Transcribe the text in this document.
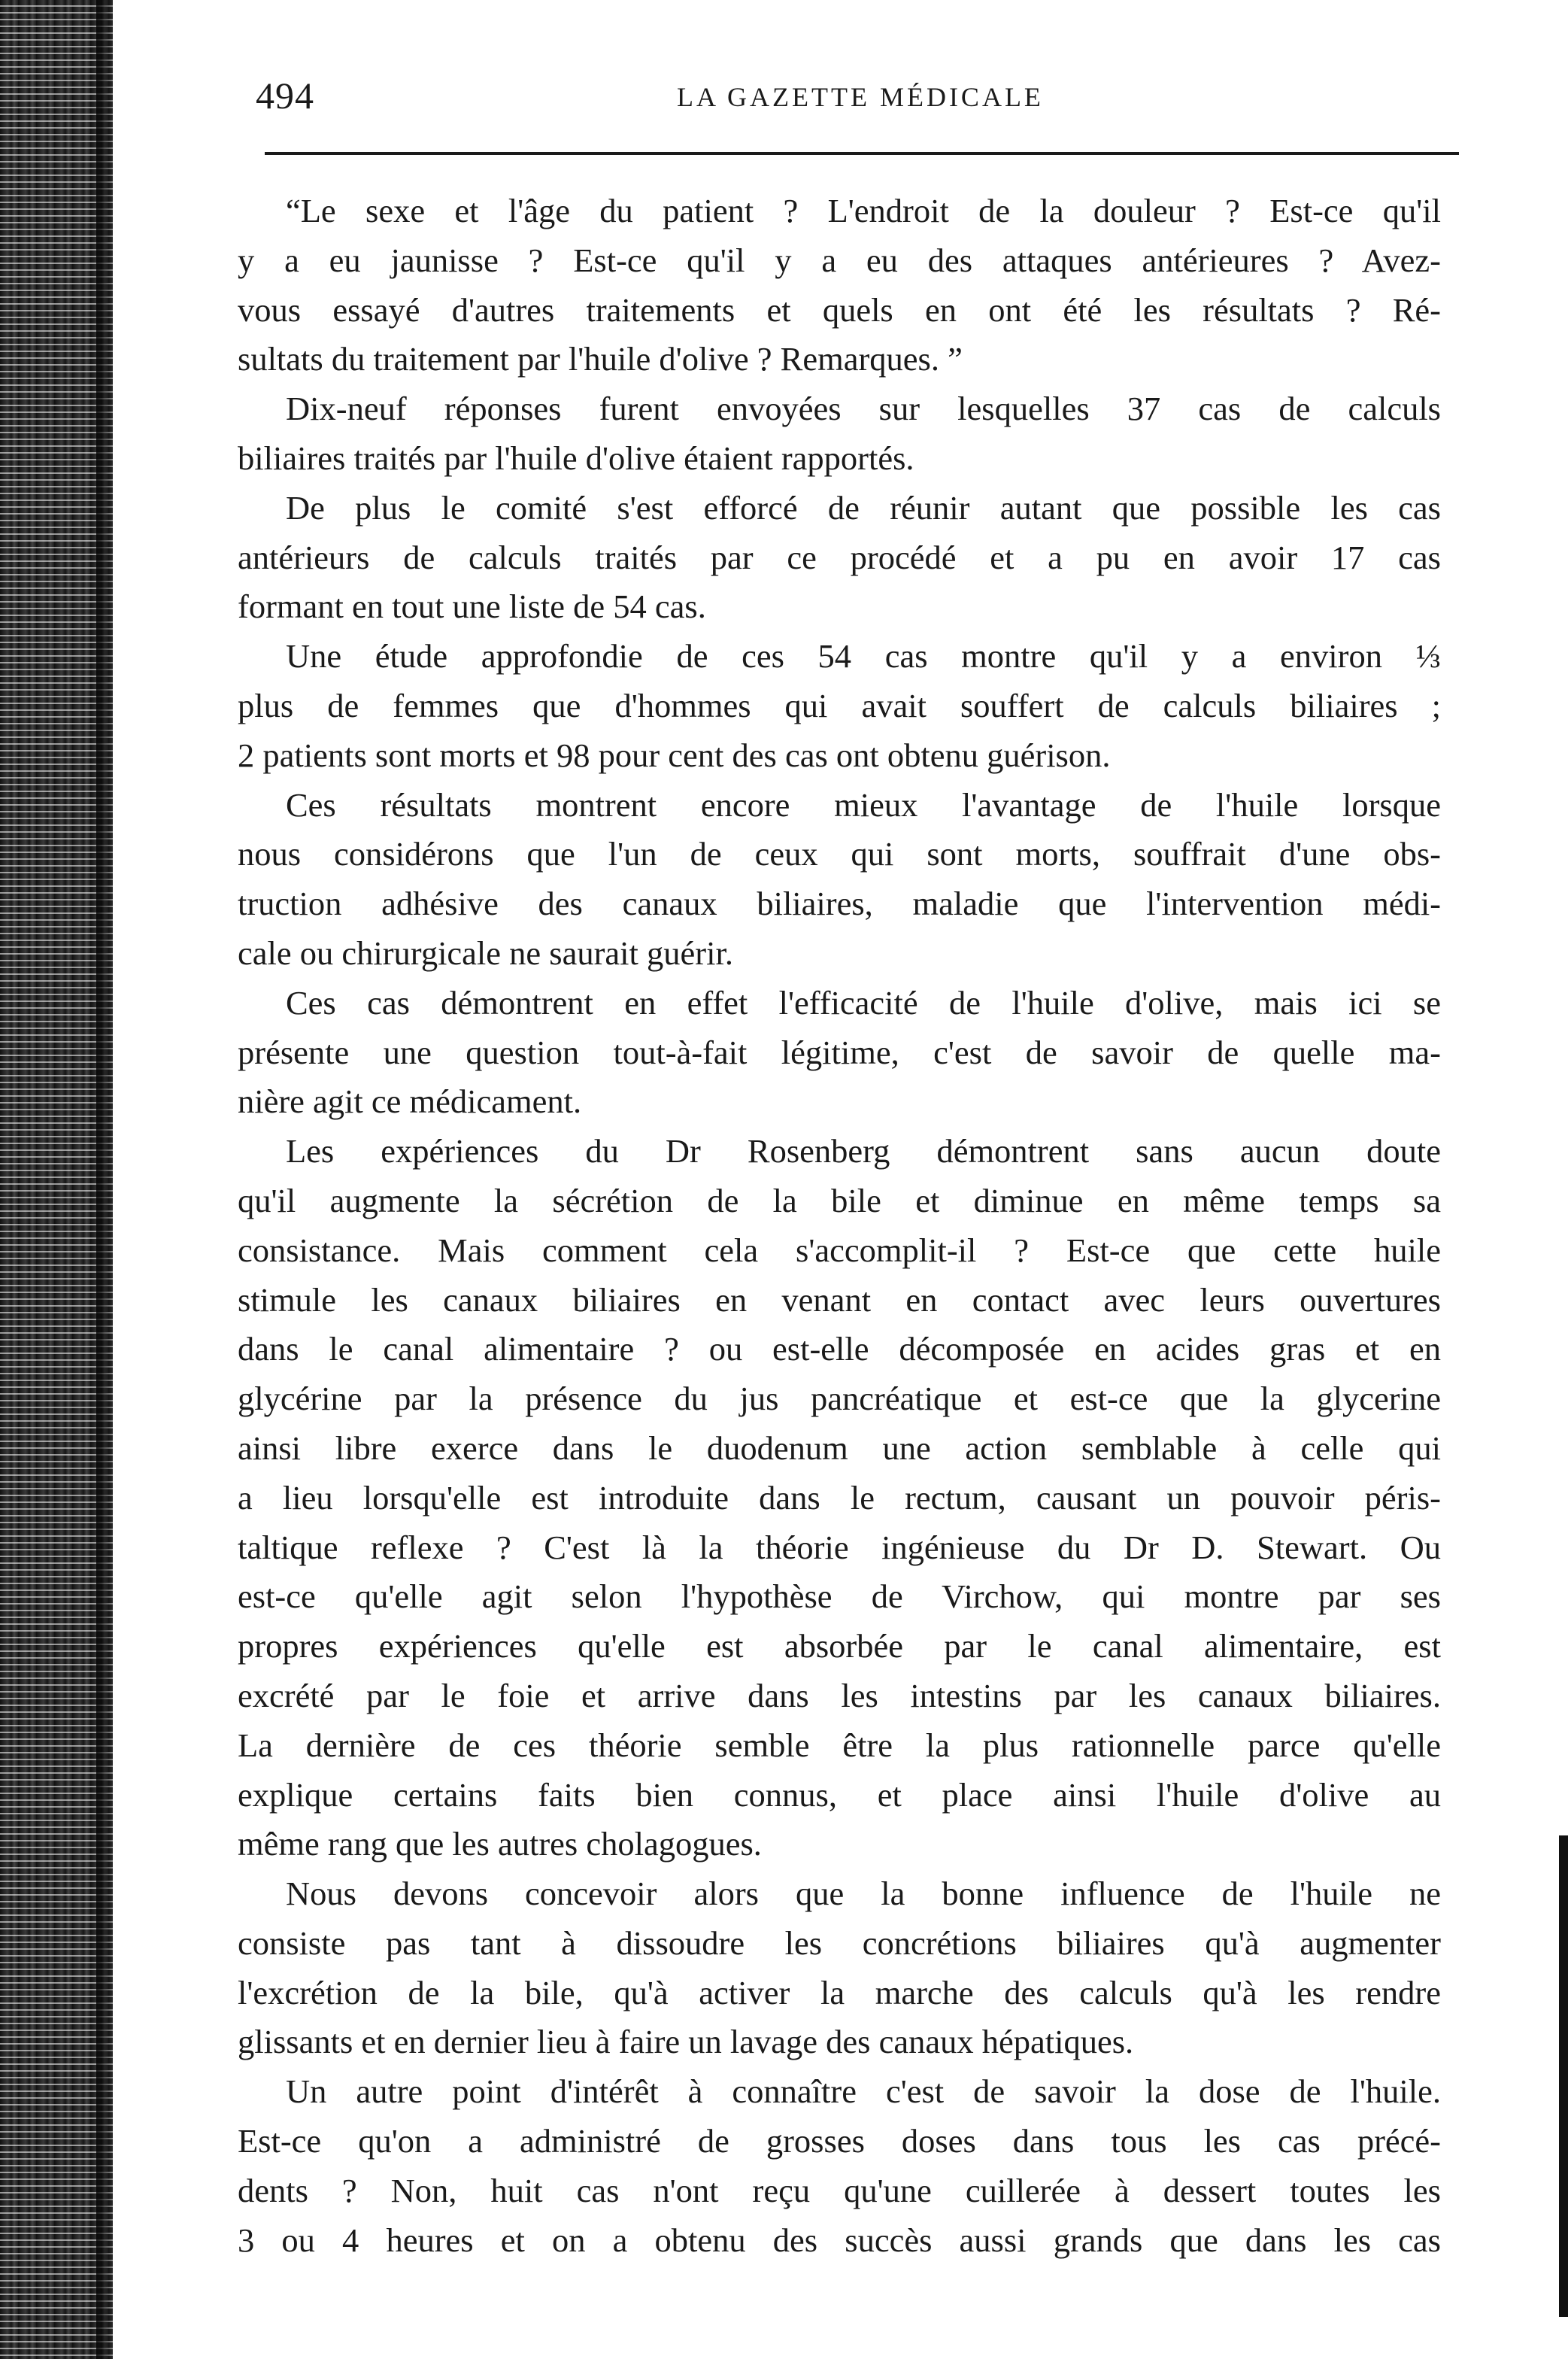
494	LA GAZETTE MÉDICALE
“Le sexe et l'âge du patient ? L'endroit de la douleur ? Est-ce qu'il
y a eu jaunisse ? Est-ce qu'il y a eu des attaques antérieures ? Avez-
vous essayé d'autres traitements et quels en ont été les résultats ? Ré-
sultats du traitement par l'huile d'olive ? Remarques. ”
Dix-neuf réponses furent envoyées sur lesquelles 37 cas de calculs
biliaires traités par l'huile d'olive étaient rapportés.
De plus le comité s'est efforcé de réunir autant que possible les cas
antérieurs de calculs traités par ce procédé et a pu en avoir 17 cas
formant en tout une liste de 54 cas.
Une étude approfondie de ces 54 cas montre qu'il y a environ ⅓
plus de femmes que d'hommes qui avait souffert de calculs biliaires ;
2 patients sont morts et 98 pour cent des cas ont obtenu guérison.
Ces résultats montrent encore mieux l'avantage de l'huile lorsque
nous considérons que l'un de ceux qui sont morts, souffrait d'une obs-
truction adhésive des canaux biliaires, maladie que l'intervention médi-
cale ou chirurgicale ne saurait guérir.
Ces cas démontrent en effet l'efficacité de l'huile d'olive, mais ici se
présente une question tout-à-fait légitime, c'est de savoir de quelle ma-
nière agit ce médicament.
Les expériences du Dr Rosenberg démontrent sans aucun doute
qu'il augmente la sécrétion de la bile et diminue en même temps sa
consistance. Mais comment cela s'accomplit-il ? Est-ce que cette huile
stimule les canaux biliaires en venant en contact avec leurs ouvertures
dans le canal alimentaire ? ou est-elle décomposée en acides gras et en
glycérine par la présence du jus pancréatique et est-ce que la glycerine
ainsi libre exerce dans le duodenum une action semblable à celle qui
a lieu lorsqu'elle est introduite dans le rectum, causant un pouvoir péris-
taltique reflexe ? C'est là la théorie ingénieuse du Dr D. Stewart. Ou
est-ce qu'elle agit selon l'hypothèse de Virchow, qui montre par ses
propres expériences qu'elle est absorbée par le canal alimentaire, est
excrété par le foie et arrive dans les intestins par les canaux biliaires.
La dernière de ces théorie semble être la plus rationnelle parce qu'elle
explique certains faits bien connus, et place ainsi l'huile d'olive au
même rang que les autres cholagogues.
Nous devons concevoir alors que la bonne influence de l'huile ne
consiste pas tant à dissoudre les concrétions biliaires qu'à augmenter
l'excrétion de la bile, qu'à activer la marche des calculs qu'à les rendre
glissants et en dernier lieu à faire un lavage des canaux hépatiques.
Un autre point d'intérêt à connaître c'est de savoir la dose de l'huile.
Est-ce qu'on a administré de grosses doses dans tous les cas précé-
dents ? Non, huit cas n'ont reçu qu'une cuillerée à dessert toutes les
3 ou 4 heures et on a obtenu des succès aussi grands que dans les cas
